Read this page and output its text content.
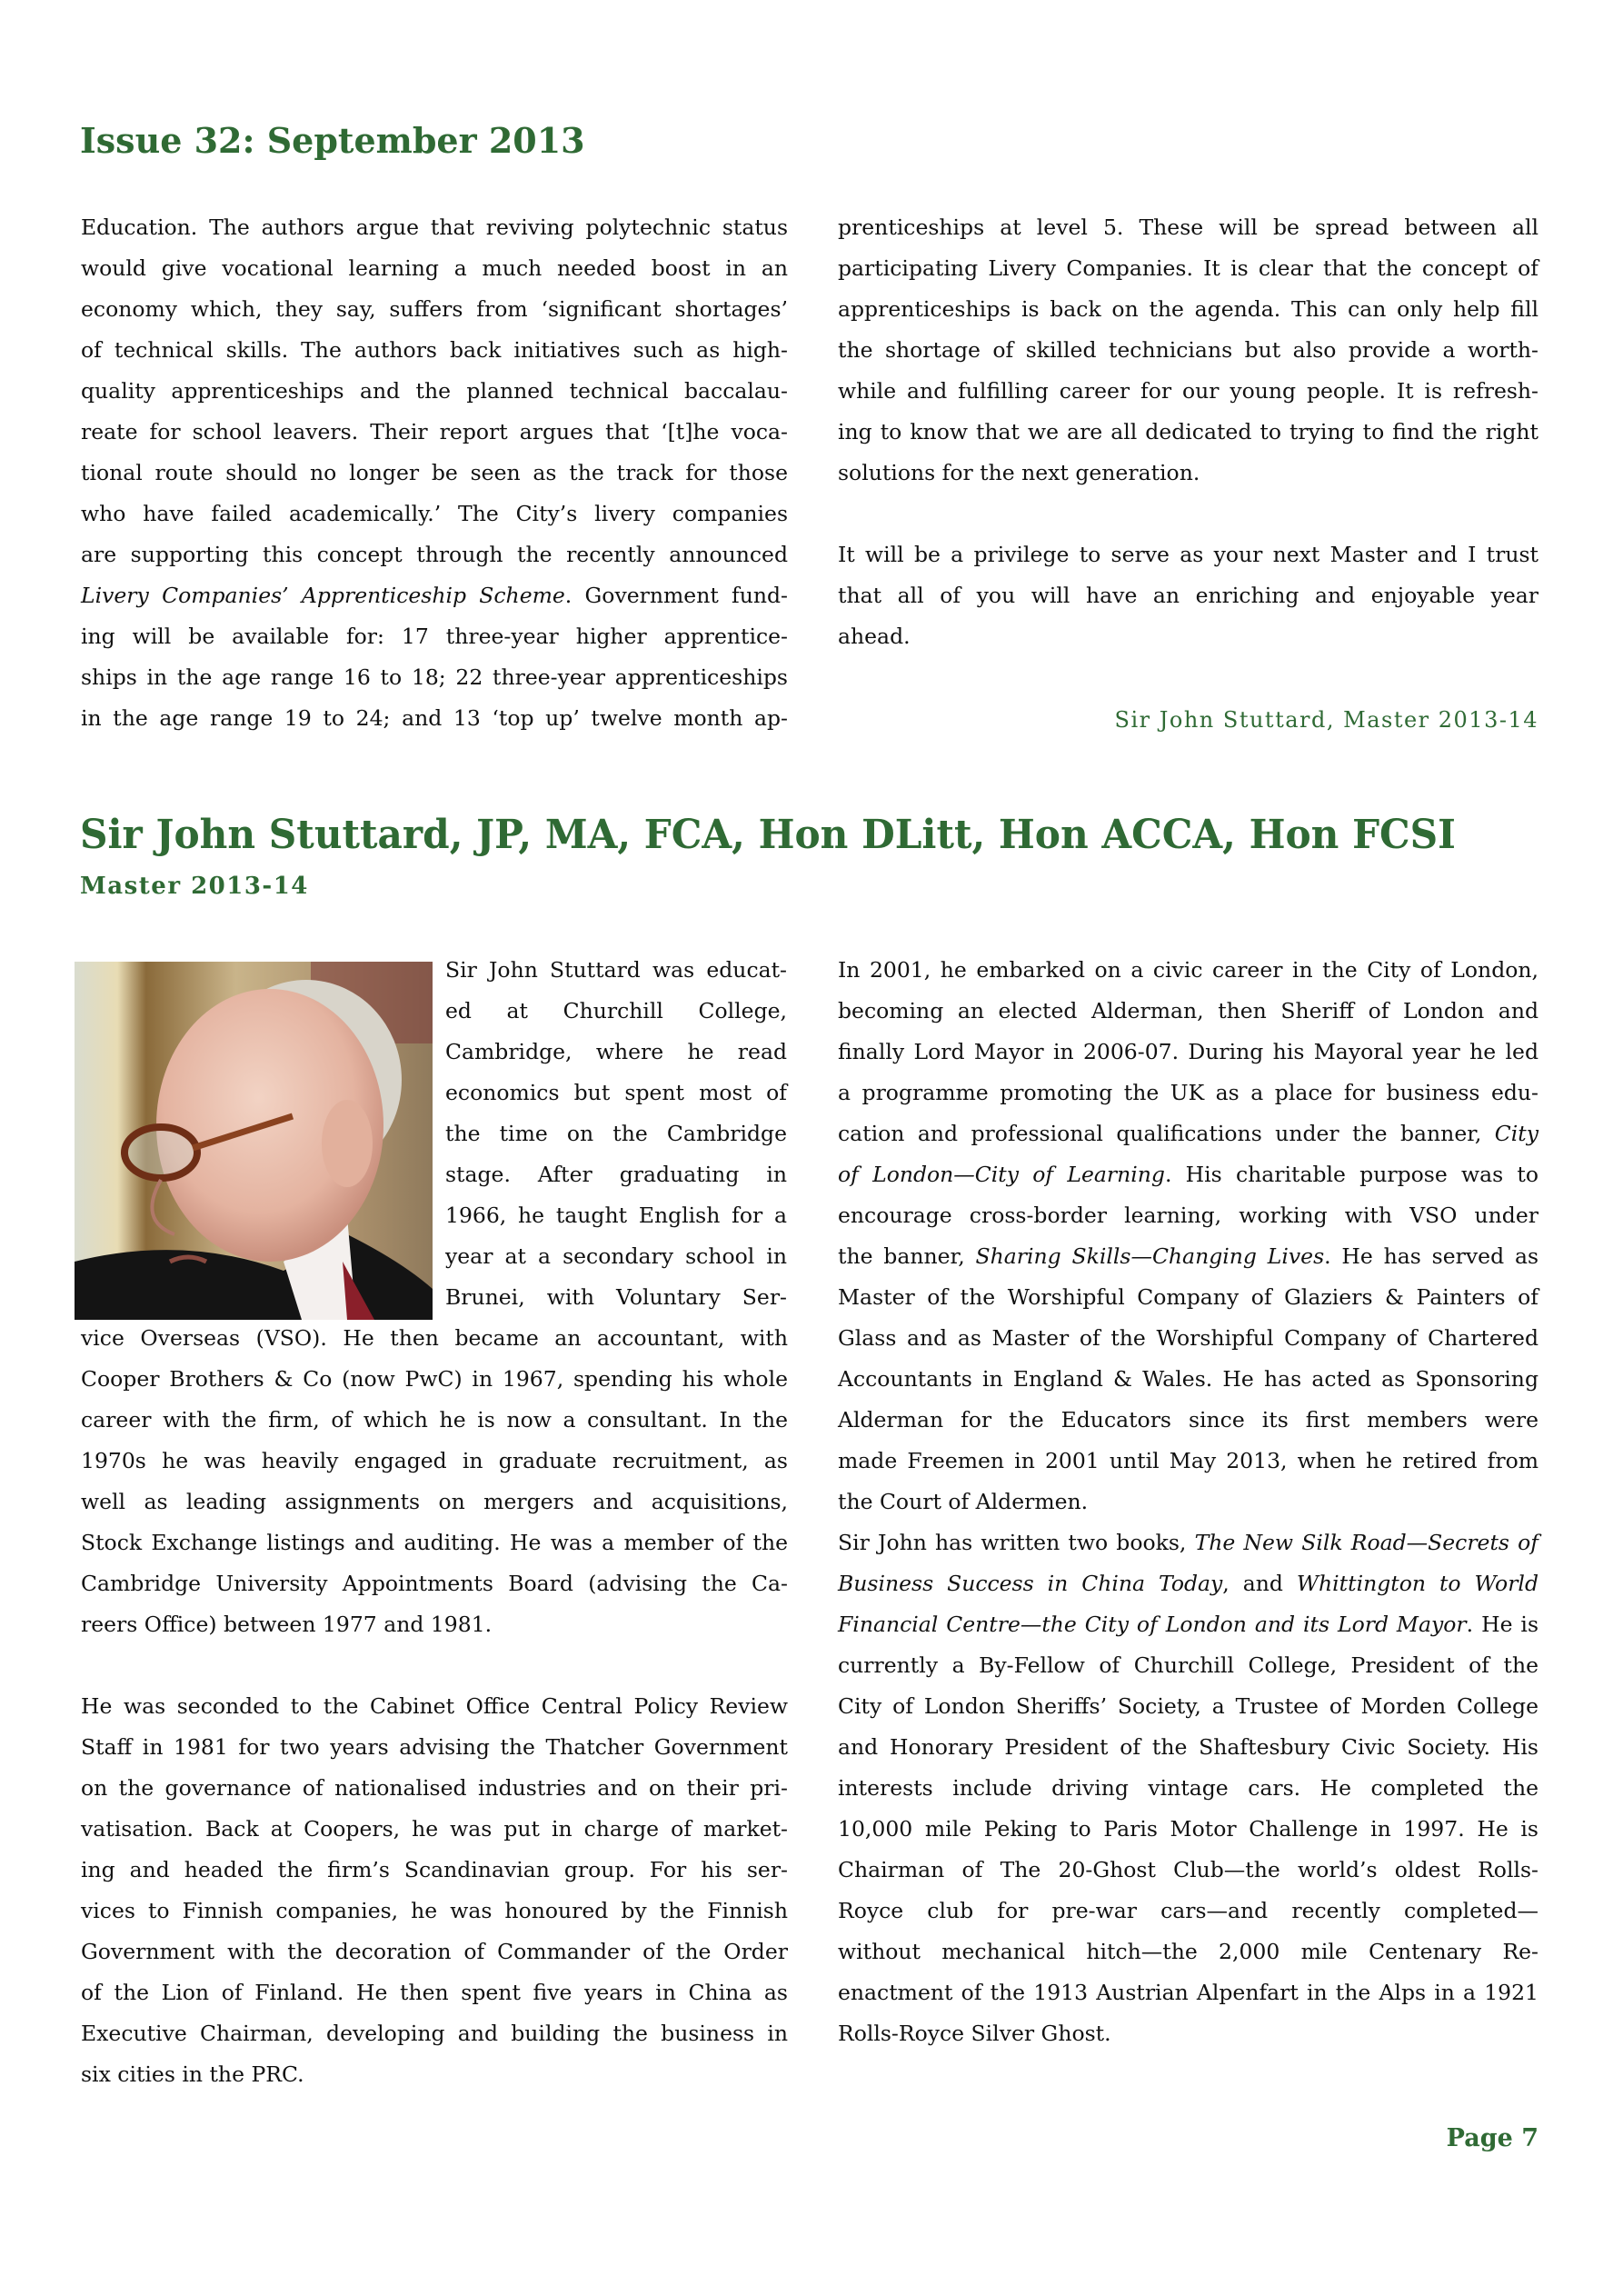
Issue 32: September 2013
Education. The authors argue that reviving polytechnic status
would give vocational learning a much needed boost in an
economy which, they say, suffers from ‘significant shortages’
of technical skills. The authors back initiatives such as high-
quality apprenticeships and the planned technical baccalau-
reate for school leavers. Their report argues that ‘[t]he voca-
tional route should no longer be seen as the track for those
who have failed academically.’ The City’s livery companies
are supporting this concept through the recently announced
Livery Companies’ Apprenticeship Scheme. Government fund-
ing will be available for: 17 three-year higher apprentice-
ships in the age range 16 to 18; 22 three-year apprenticeships
in the age range 19 to 24; and 13 ‘top up’ twelve month ap-
prenticeships at level 5. These will be spread between all
participating Livery Companies. It is clear that the concept of
apprenticeships is back on the agenda. This can only help fill
the shortage of skilled technicians but also provide a worth-
while and fulfilling career for our young people. It is refresh-
ing to know that we are all dedicated to trying to find the right
solutions for the next generation.
It will be a privilege to serve as your next Master and I trust
that all of you will have an enriching and enjoyable year
ahead.
Sir John Stuttard, Master 2013-14
Sir John Stuttard, JP, MA, FCA, Hon DLitt, Hon ACCA, Hon FCSI
Master 2013-14
Sir John Stuttard was educat-
ed at Churchill College,
Cambridge, where he read
economics but spent most of
the time on the Cambridge
stage. After graduating in
1966, he taught English for a
year at a secondary school in
Brunei, with Voluntary Ser-
vice Overseas (VSO). He then became an accountant, with
Cooper Brothers & Co (now PwC) in 1967, spending his whole
career with the firm, of which he is now a consultant. In the
1970s he was heavily engaged in graduate recruitment, as
well as leading assignments on mergers and acquisitions,
Stock Exchange listings and auditing. He was a member of the
Cambridge University Appointments Board (advising the Ca-
reers Office) between 1977 and 1981.
He was seconded to the Cabinet Office Central Policy Review
Staff in 1981 for two years advising the Thatcher Government
on the governance of nationalised industries and on their pri-
vatisation. Back at Coopers, he was put in charge of market-
ing and headed the firm’s Scandinavian group. For his ser-
vices to Finnish companies, he was honoured by the Finnish
Government with the decoration of Commander of the Order
of the Lion of Finland. He then spent five years in China as
Executive Chairman, developing and building the business in
six cities in the PRC.
In 2001, he embarked on a civic career in the City of London,
becoming an elected Alderman, then Sheriff of London and
finally Lord Mayor in 2006-07. During his Mayoral year he led
a programme promoting the UK as a place for business edu-
cation and professional qualifications under the banner, City
of London—City of Learning. His charitable purpose was to
encourage cross-border learning, working with VSO under
the banner, Sharing Skills—Changing Lives. He has served as
Master of the Worshipful Company of Glaziers & Painters of
Glass and as Master of the Worshipful Company of Chartered
Accountants in England & Wales. He has acted as Sponsoring
Alderman for the Educators since its first members were
made Freemen in 2001 until May 2013, when he retired from
the Court of Aldermen.
Sir John has written two books, The New Silk Road—Secrets of
Business Success in China Today, and Whittington to World
Financial Centre—the City of London and its Lord Mayor. He is
currently a By-Fellow of Churchill College, President of the
City of London Sheriffs’ Society, a Trustee of Morden College
and Honorary President of the Shaftesbury Civic Society. His
interests include driving vintage cars. He completed the
10,000 mile Peking to Paris Motor Challenge in 1997. He is
Chairman of The 20-Ghost Club—the world’s oldest Rolls-
Royce club for pre-war cars—and recently completed—
without mechanical hitch—the 2,000 mile Centenary Re-
enactment of the 1913 Austrian Alpenfart in the Alps in a 1921
Rolls-Royce Silver Ghost.
Page 7
